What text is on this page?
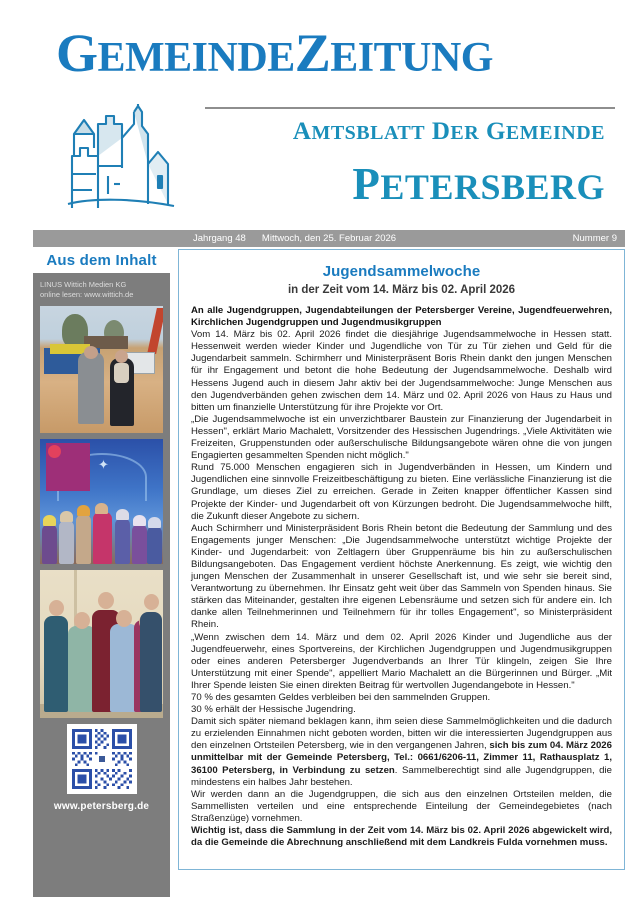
GEMEINDEZEITUNG
AMTSBLATT DER GEMEINDE
PETERSBERG
Jahrgang 48	Mittwoch, den 25. Februar 2026	Nummer 9
Aus dem Inhalt
LINUS Wittich Medien KG
online lesen: www.wittich.de
✦
www.petersberg.de
Jugendsammelwoche
in der Zeit vom 14. März bis 02. April 2026

An alle Jugendgruppen, Jugendabteilungen der Petersberger Vereine, Jugendfeuerwehren, Kirchlichen Jugendgruppen und Jugendmusikgruppen

Vom 14. März bis 02. April 2026 findet die diesjährige Jugendsammelwoche in Hessen statt. Hessenweit werden wieder Kinder und Jugendliche von Tür zu Tür ziehen und Geld für die Jugendarbeit sammeln. Schirmherr und Ministerpräsent Boris Rhein dankt den jungen Menschen für ihr Engagement und betont die hohe Bedeutung der Jugendsammelwoche. Deshalb wird Hessens Jugend auch in diesem Jahr aktiv bei der Jugendsammelwoche: Junge Menschen aus den Jugendverbänden gehen zwischen dem 14. März und 02. April 2026 von Haus zu Haus und bitten um finanzielle Unterstützung für ihre Projekte vor Ort.

„Die Jugendsammelwoche ist ein unverzichtbarer Baustein zur Finanzierung der Jugendarbeit in Hessen", erklärt Mario Machalett, Vorsitzender des Hessischen Jugendrings. „Viele Aktivitäten wie Freizeiten, Gruppenstunden oder außerschulische Bildungsangebote wären ohne die von jungen Engagierten gesammelten Spenden nicht möglich."

Rund 75.000 Menschen engagieren sich in Jugendverbänden in Hessen, um Kindern und Jugendlichen eine sinnvolle Freizeitbeschäftigung zu bieten. Eine verlässliche Finanzierung ist die Grundlage, um dieses Ziel zu erreichen. Gerade in Zeiten knapper öffentlicher Kassen sind Projekte der Kinder- und Jugendarbeit oft von Kürzungen bedroht. Die Jugendsammelwoche hilft, die Zukunft dieser Angebote zu sichern.

Auch Schirmherr und Ministerpräsident Boris Rhein betont die Bedeutung der Sammlung und des Engagements junger Menschen: „Die Jugendsammelwoche unterstützt wichtige Projekte der Kinder- und Jugendarbeit: von Zeltlagern über Gruppenräume bis hin zu außerschulischen Bildungsangeboten. Das Engagement verdient höchste Anerkennung. Es zeigt, wie wichtig den jungen Menschen der Zusammenhalt in unserer Gesellschaft ist, und wie sehr sie bereit sind, Verantwortung zu übernehmen. Ihr Einsatz geht weit über das Sammeln von Spenden hinaus. Sie stärken das Miteinander, gestalten ihre eigenen Lebensräume und setzen sich für andere ein. Ich danke allen Teilnehmerinnen und Teilnehmern für ihr tolles Engagement", so Ministerpräsident Rhein.

„Wenn zwischen dem 14. März und dem 02. April 2026 Kinder und Jugendliche aus der Jugendfeuerwehr, eines Sportvereins, der Kirchlichen Jugendgruppen und Jugendmusikgruppen oder eines anderen Petersberger Jugendverbands an Ihrer Tür klingeln, zeigen Sie Ihre Unterstützung mit einer Spende", appelliert Mario Machalett an die Bürgerinnen und Bürger. „Mit Ihrer Spende leisten Sie einen direkten Beitrag für wertvollen Jugendangebote in Hessen."

70 % des gesamten Geldes verbleiben bei den sammelnden Gruppen.

30 % erhält der Hessische Jugendring.

Damit sich später niemand beklagen kann, ihm seien diese Sammelmöglichkeiten und die dadurch zu erzielenden Einnahmen nicht geboten worden, bitten wir die interessierten Jugendgruppen aus den einzelnen Ortsteilen Petersberg, wie in den vergangenen Jahren, sich bis zum 04. März 2026 unmittelbar mit der Gemeinde Petersberg, Tel.: 0661/6206-11, Zimmer 11, Rathausplatz 1, 36100 Petersberg, in Verbindung zu setzen. Sammelberechtigt sind alle Jugendgruppen, die mindestens ein halbes Jahr bestehen.

Wir werden dann an die Jugendgruppen, die sich aus den einzelnen Ortsteilen melden, die Sammellisten verteilen und eine entsprechende Einteilung der Gemeindegebietes (nach Straßenzüge) vornehmen.

Wichtig ist, dass die Sammlung in der Zeit vom 14. März bis 02. April 2026 abgewickelt wird, da die Gemeinde die Abrechnung anschließend mit dem Landkreis Fulda vornehmen muss.
